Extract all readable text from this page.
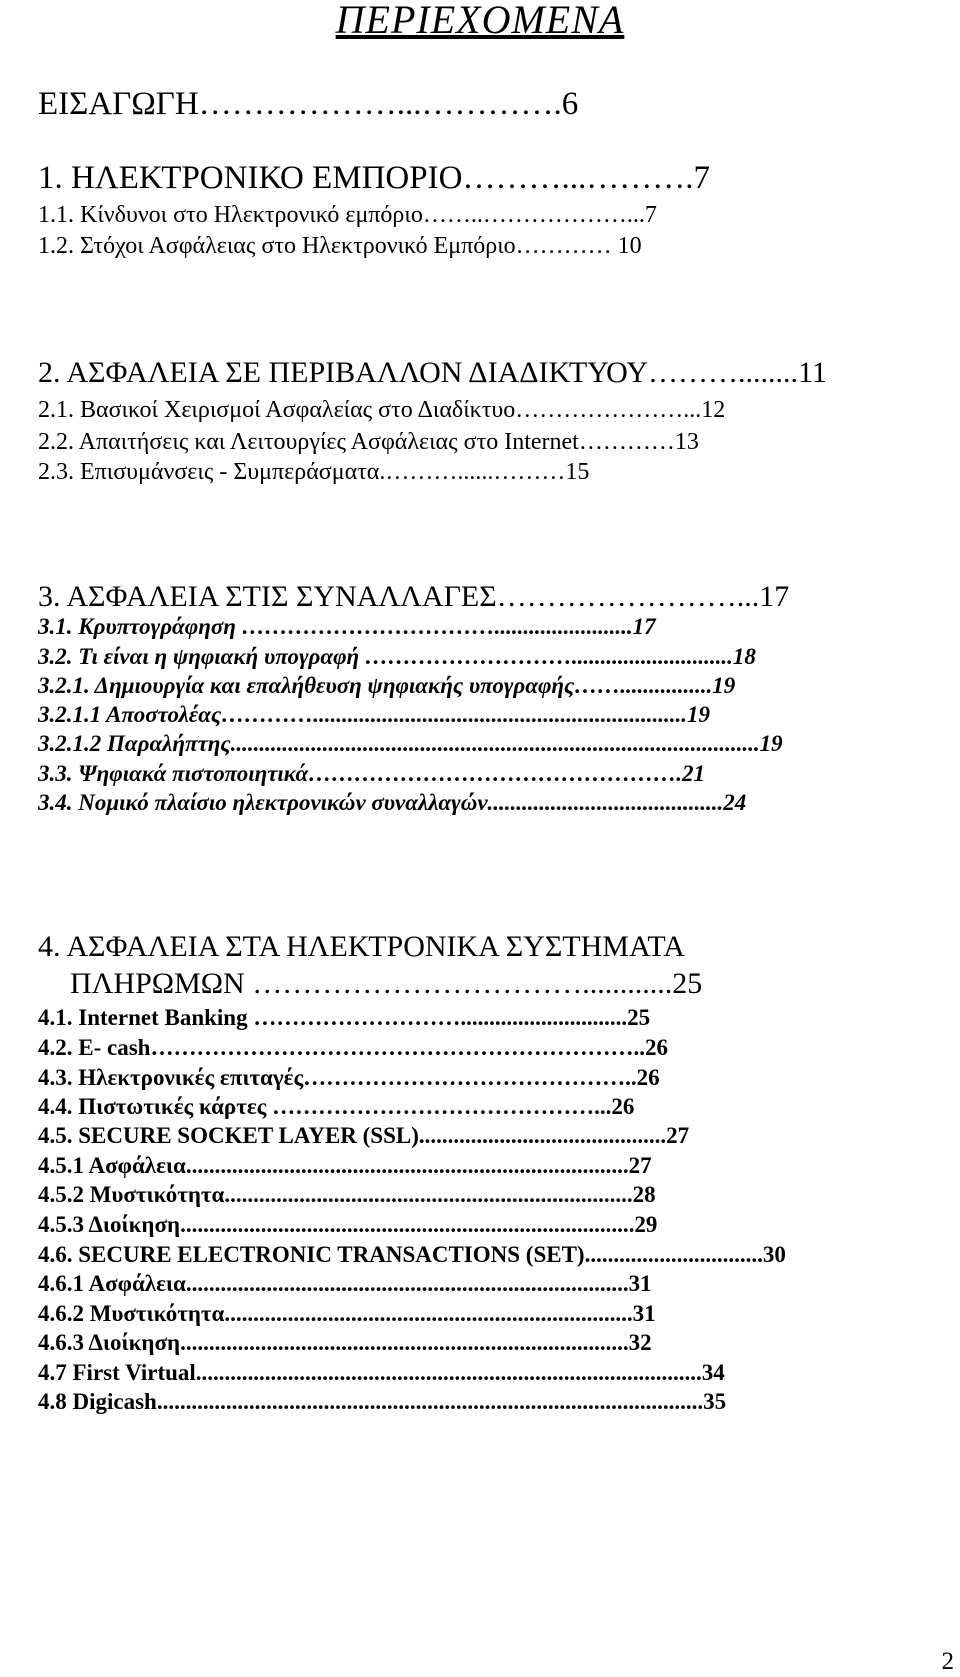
ΠΕΡΙΕΧΟΜΕΝΑ
ΕΙΣΑΓΩΓΗ………………...………….6
1. ΗΛΕΚΤΡΟΝΙΚΟ ΕΜΠΟΡΙΟ………...……….7
1.1. Κίνδυνοι στο Ηλεκτρονικό εμπόριο……..………………...7
1.2. Στόχοι Ασφάλειας στο Ηλεκτρονικό Εμπόριο………… 10
2. ΑΣΦΑΛΕΙΑ ΣΕ ΠΕΡΙΒΑΛΛΟΝ ΔΙΑΔΙΚΤΥΟΥ………........11
2.1. Βασικοί Χειρισμοί Ασφαλείας στο Διαδίκτυο…………………...12
2.2. Απαιτήσεις και Λειτουργίες Ασφάλειας στο Internet…………13
2.3. Επισυμάνσεις - Συμπεράσματα.………......………15
3. ΑΣΦΑΛΕΙΑ ΣΤΙΣ ΣΥΝΑΛΛΑΓΕΣ……………………...17
3.1. Κρυπτογράφηση ……………………………........................17
3.2. Τι είναι η ψηφιακή υπογραφή ………………………............................18
3.2.1. Δημιουργία και επαλήθευση ψηφιακής υπογραφής……................19
3.2.1.1 Αποστολέας………….................................................................19
3.2.1.2 Παραλήπτης............................................................................................19
3.3. Ψηφιακά πιστοποιητικά………………………………………….21
3.4. Νομικό πλαίσιο ηλεκτρονικών συναλλαγών.........................................24
4. ΑΣΦΑΛΕΙΑ ΣΤΑ ΗΛΕΚΤΡΟΝΙΚΑ ΣΥΣΤΗΜΑΤΑ
ΠΛΗΡΩΜΩΝ ……………………………............25
4.1. Internet Banking ……………………….............................25
4.2. E- cash………………………………………………………..26
4.3. Ηλεκτρονικές επιταγές……………………………………..26
4.4. Πιστωτικές κάρτες ……………………………………...26
4.5. SECURE SOCKET LAYER (SSL)...........................................27
4.5.1 Ασφάλεια.............................................................................27
4.5.2 Μυστικότητα.......................................................................28
4.5.3 Διοίκηση...............................................................................29
4.6. SECURE ELECTRONIC TRANSACTIONS (SET)...............................30
4.6.1 Ασφάλεια.............................................................................31
4.6.2 Μυστικότητα.......................................................................31
4.6.3 Διοίκηση..............................................................................32
4.7 First Virtual........................................................................................34
4.8 Digicash...............................................................................................35
2
